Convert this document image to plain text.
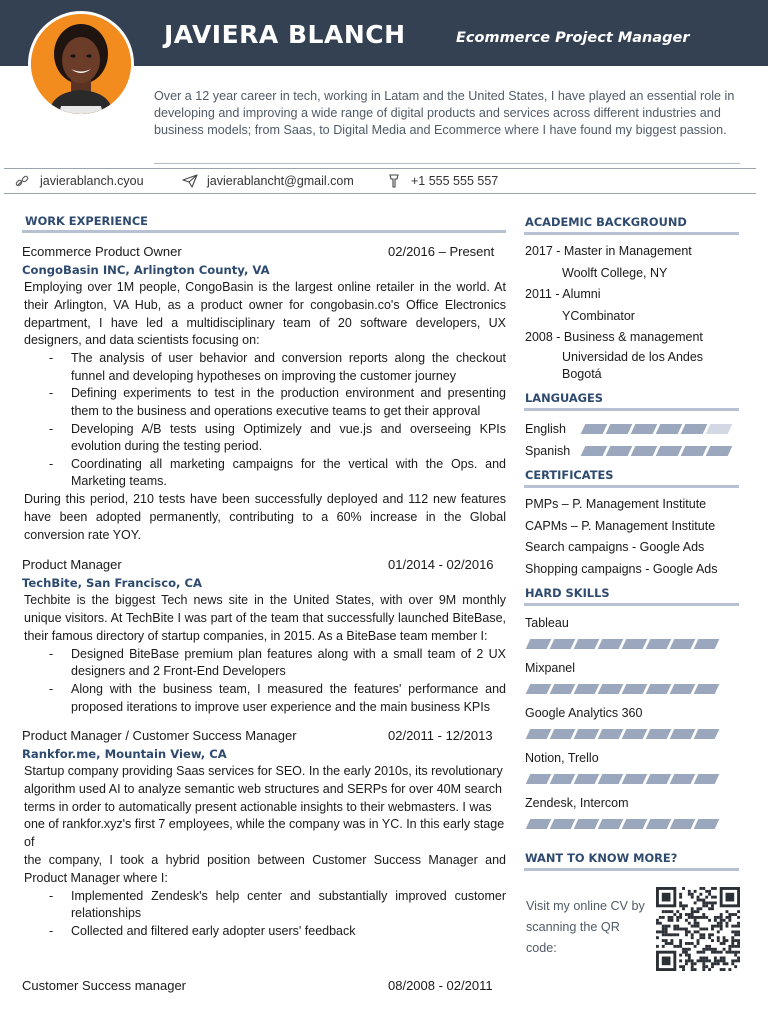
JAVIERA BLANCH	Ecommerce Project Manager
Over a 12 year career in tech, working in Latam and the United States, I have played an essential role in developing and improving a wide range of digital products and services across different industries and business models; from Saas, to Digital Media and Ecommerce where I have found my biggest passion.
javierablanch.cyou	javierablancht@gmail.com	+1 555 555 557
WORK EXPERIENCE
Ecommerce Product Owner	02/2016 – Present
CongoBasin INC, Arlington County, VA
Employing over 1M people, CongoBasin is the largest online retailer in the world. At their Arlington, VA Hub, as a product owner for congobasin.co's Office Electronics department, I have led a multidisciplinary team of 20 software developers, UX designers, and data scientists focusing on:
- The analysis of user behavior and conversion reports along the checkout funnel and developing hypotheses on improving the customer journey
- Defining experiments to test in the production environment and presenting them to the business and operations executive teams to get their approval
- Developing A/B tests using Optimizely and vue.js and overseeing KPIs evolution during the testing period.
- Coordinating all marketing campaigns for the vertical with the Ops. and Marketing teams.
During this period, 210 tests have been successfully deployed and 112 new features have been adopted permanently, contributing to a 60% increase in the Global conversion rate YOY.
Product Manager	01/2014 - 02/2016
TechBite, San Francisco, CA
Techbite is the biggest Tech news site in the United States, with over 9M monthly unique visitors. At TechBite I was part of the team that successfully launched BiteBase, their famous directory of startup companies, in 2015. As a BiteBase team member I:
- Designed BiteBase premium plan features along with a small team of 2 UX designers and 2 Front-End Developers
- Along with the business team, I measured the features' performance and proposed iterations to improve user experience and the main business KPIs
Product Manager / Customer Success Manager	02/2011 - 12/2013
Rankfor.me, Mountain View, CA
Startup company providing Saas services for SEO. In the early 2010s, its revolutionary algorithm used AI to analyze semantic web structures and SERPs for over 40M search terms in order to automatically present actionable insights to their webmasters. I was one of rankfor.xyz's first 7 employees, while the company was in YC. In this early stage of
the company, I took a hybrid position between Customer Success Manager and Product Manager where I:
- Implemented Zendesk's help center and substantially improved customer relationships
- Collected and filtered early adopter users' feedback
Customer Success manager	08/2008 - 02/2011
ACADEMIC BACKGROUND
2017 - Master in Management
Woolft College, NY
2011 - Alumni
YCombinator
2008 - Business & management
Universidad de los Andes
Bogotá
LANGUAGES
English
Spanish
CERTIFICATES
PMPs – P. Management Institute
CAPMs – P. Management Institute
Search campaigns - Google Ads
Shopping campaigns - Google Ads
HARD SKILLS
Tableau
Mixpanel
Google Analytics 360
Notion, Trello
Zendesk, Intercom
WANT TO KNOW MORE?
Visit my online CV by scanning the QR code:
